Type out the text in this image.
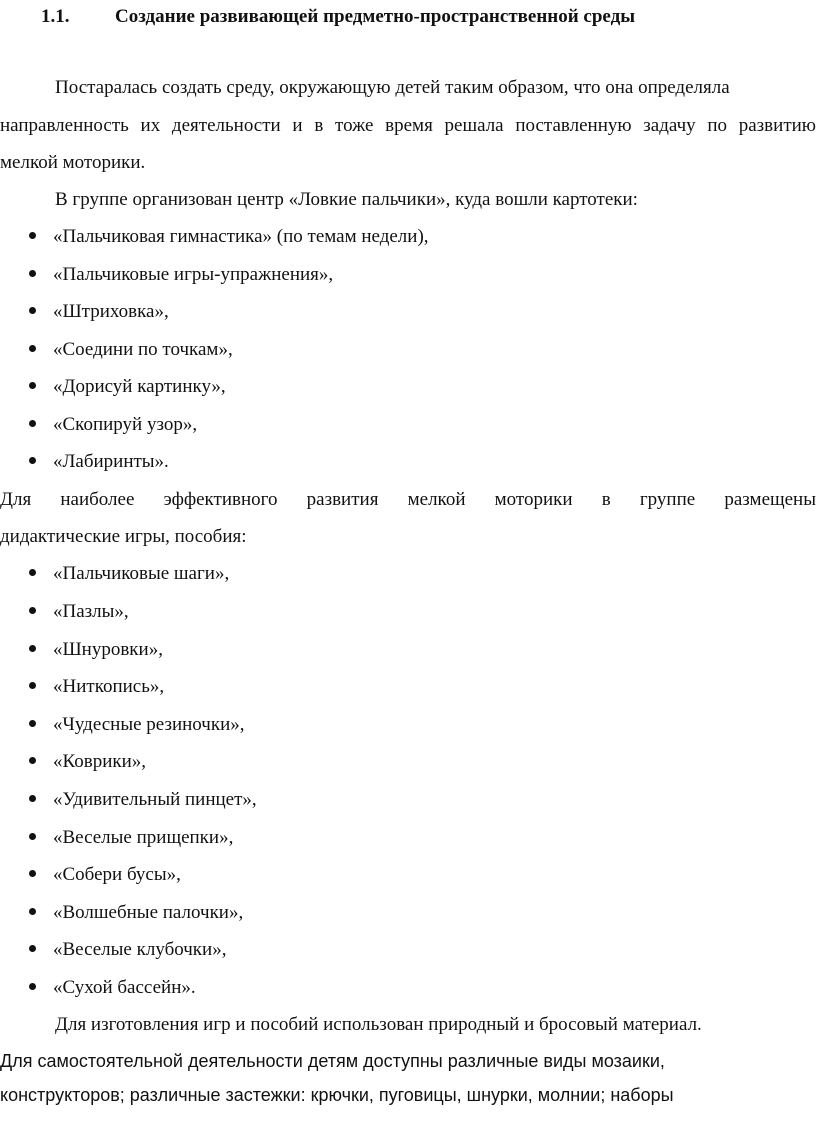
1.1. Создание развивающей предметно-пространственной среды
Постаралась создать среду, окружающую детей таким образом, что она определяла
направленность их деятельности и в тоже время решала поставленную задачу по развитию
мелкой моторики.
В группе организован центр «Ловкие пальчики», куда вошли картотеки:
«Пальчиковая гимнастика» (по темам недели),
«Пальчиковые игры-упражнения»,
«Штриховка»,
«Соедини по точкам»,
«Дорисуй картинку»,
«Скопируй узор»,
«Лабиринты».
Для наиболее эффективного развития мелкой моторики в группе размещены
дидактические игры, пособия:
«Пальчиковые шаги»,
«Пазлы»,
«Шнуровки»,
«Ниткопись»,
«Чудесные резиночки»,
«Коврики»,
«Удивительный пинцет»,
«Веселые прищепки»,
«Собери бусы»,
«Волшебные палочки»,
«Веселые клубочки»,
«Сухой бассейн».
Для изготовления игр и пособий использован природный и бросовый материал.
Для самостоятельной деятельности детям доступны различные виды мозаики,
конструкторов; различные застежки: крючки, пуговицы, шнурки, молнии; наборы
